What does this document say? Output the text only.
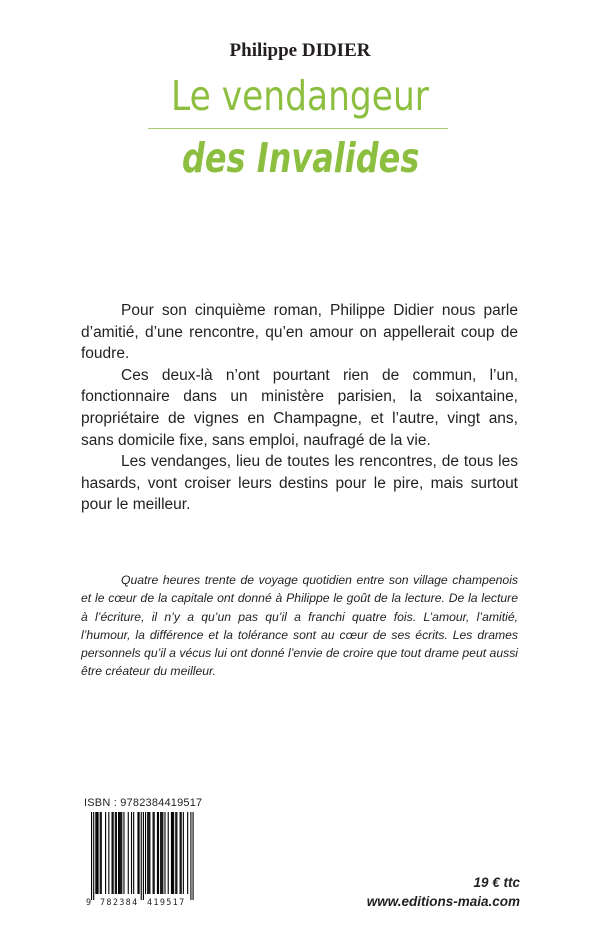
Philippe DIDIER
Le vendangeur
des Invalides

Pour son cinquième roman, Philippe Didier nous parle d’amitié, d’une rencontre, qu’en amour on appellerait coup de foudre.

Ces deux-là n’ont pourtant rien de commun, l’un, fonctionnaire dans un ministère parisien, la soixantaine, propriétaire de vignes en Champagne, et l’autre, vingt ans, sans domicile fixe, sans emploi, naufragé de la vie.

Les vendanges, lieu de toutes les rencontres, de tous les hasards, vont croiser leurs destins pour le pire, mais surtout pour le meilleur.

Quatre heures trente de voyage quotidien entre son village champenois et le cœur de la capitale ont donné à Philippe le goût de la lecture. De la lecture à l’écriture, il n’y a qu’un pas qu’il a franchi quatre fois. L’amour, l’amitié, l’humour, la différence et la tolérance sont au cœur de ses écrits. Les drames personnels qu’il a vécus lui ont donné l’envie de croire que tout drame peut aussi être créateur du meilleur.

ISBN : 9782384419517
9 782384 419517
19 € ttc
www.editions-maia.com
